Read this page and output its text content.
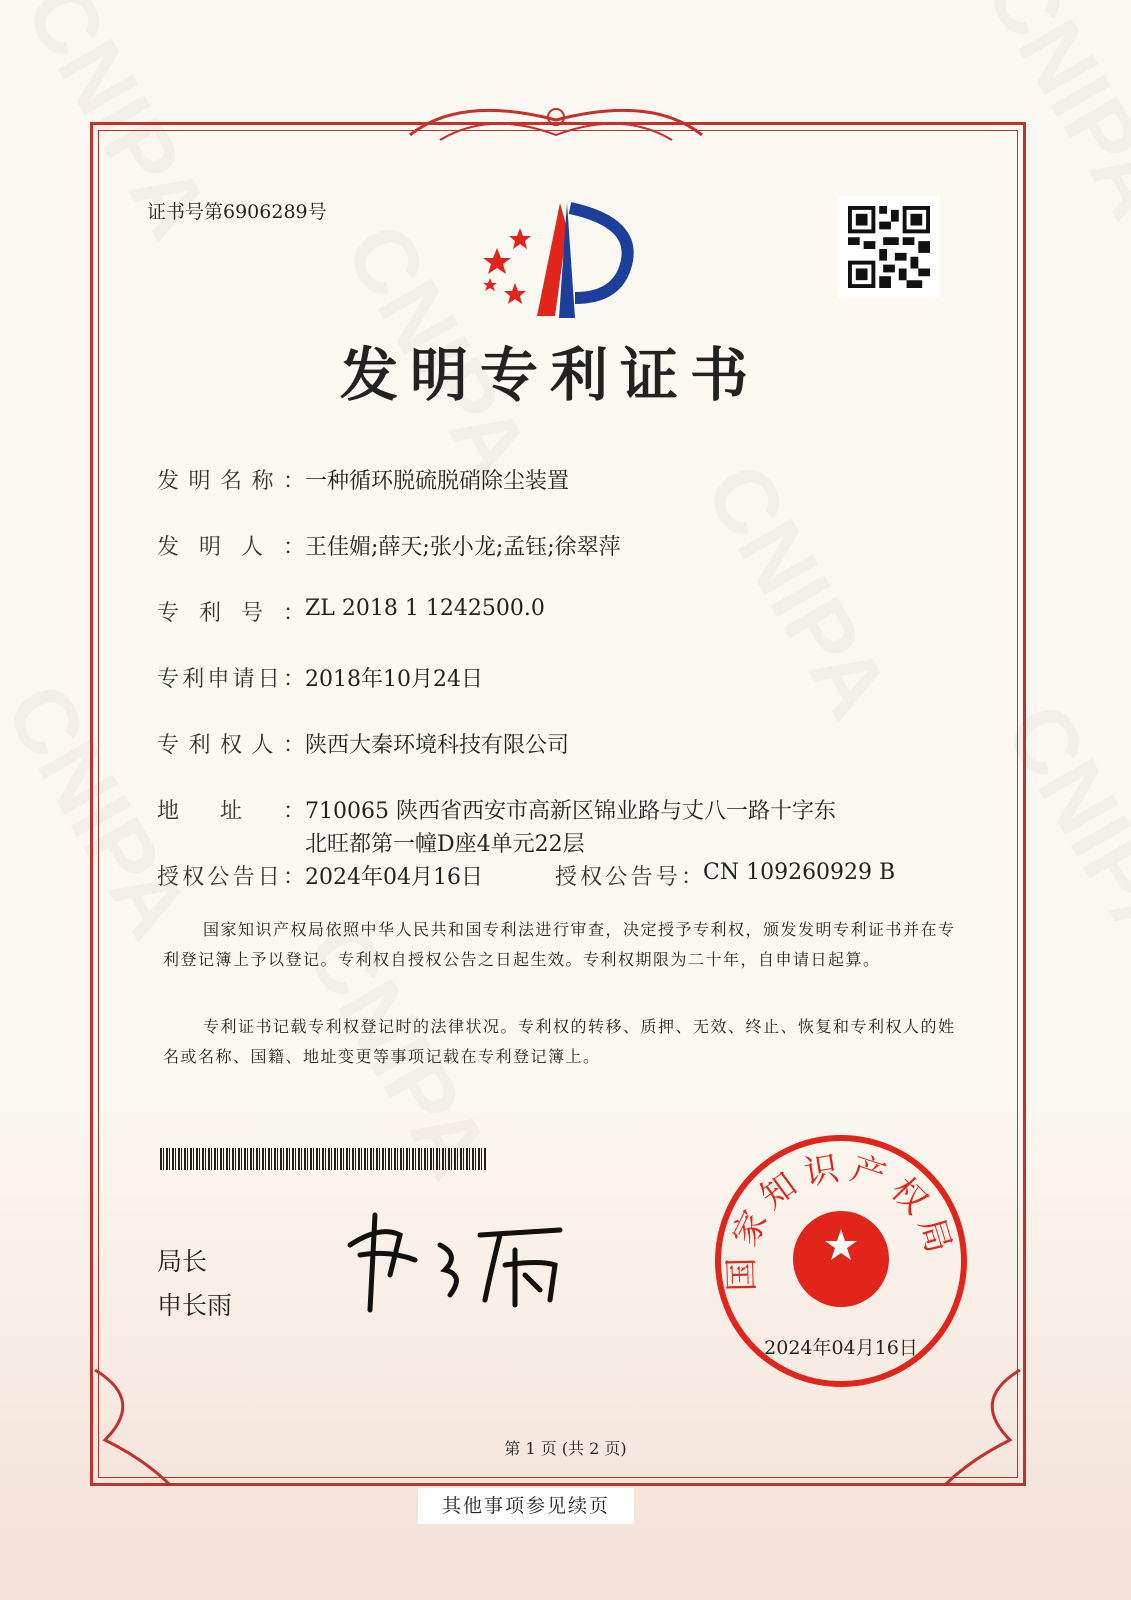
证书号第6906289号
发明专利证书
发明名称： 一种循环脱硫脱硝除尘装置
发明人： 王佳媚;薛天;张小龙;孟钰;徐翠萍
专利号： ZL 2018 1 1242500.0
专利申请日： 2018年10月24日
专利权人： 陕西大秦环境科技有限公司
地址： 710065 陕西省西安市高新区锦业路与丈八一路十字东
北旺都第一幢D座4单元22层
授权公告日： 2024年04月16日	授权公告号： CN 109260929 B

国家知识产权局依照中华人民共和国专利法进行审查，决定授予专利权，颁发发明专利证书并在专利登记簿上予以登记。专利权自授权公告之日起生效。专利权期限为二十年，自申请日起算。

专利证书记载专利权登记时的法律状况。专利权的转移、质押、无效、终止、恢复和专利权人的姓名或名称、国籍、地址变更等事项记载在专利登记簿上。

局长
申长雨
国家知识产权局
2024年04月16日
第 1 页 (共 2 页)
其他事项参见续页
